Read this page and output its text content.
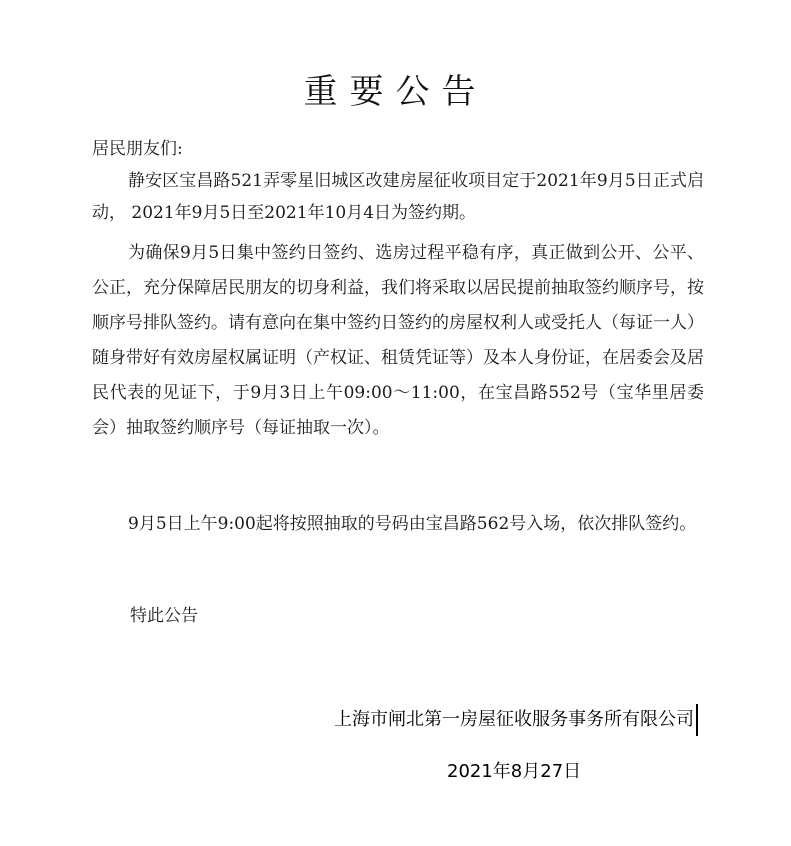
重要公告
居民朋友们:
静安区宝昌路521弄零星旧城区改建房屋征收项目定于2021年9月5日正式启动， 2021年9月5日至2021年10月4日为签约期。
为确保9月5日集中签约日签约、选房过程平稳有序，真正做到公开、公平、公正，充分保障居民朋友的切身利益，我们将采取以居民提前抽取签约顺序号，按顺序号排队签约。请有意向在集中签约日签约的房屋权利人或受托人（每证一人）随身带好有效房屋权属证明（产权证、租赁凭证等）及本人身份证，在居委会及居民代表的见证下，于9月3日上午09:00～11:00，在宝昌路552号（宝华里居委会）抽取签约顺序号（每证抽取一次）。
9月5日上午9:00起将按照抽取的号码由宝昌路562号入场，依次排队签约。
特此公告
上海市闸北第一房屋征收服务事务所有限公司
2021年8月27日
